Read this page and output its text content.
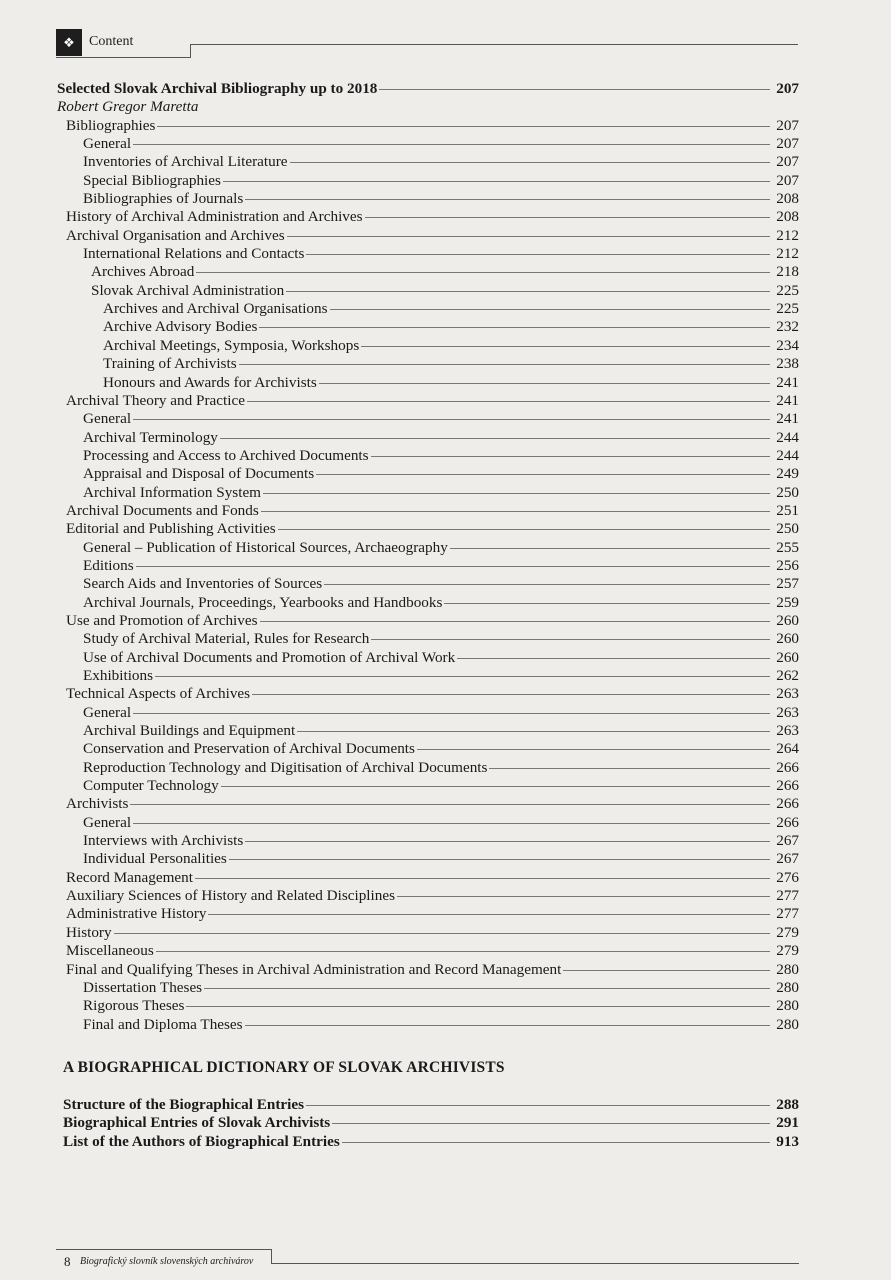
❖	Content
Selected Slovak Archival Bibliography up to 2018	207
Robert Gregor Maretta
Bibliographies	207
General	207
Inventories of Archival Literature	207
Special Bibliographies	207
Bibliographies of Journals	208
History of Archival Administration and Archives	208
Archival Organisation and Archives	212
International Relations and Contacts	212
Archives Abroad	218
Slovak Archival Administration	225
Archives and Archival Organisations	225
Archive Advisory Bodies	232
Archival Meetings, Symposia, Workshops	234
Training of Archivists	238
Honours and Awards for Archivists	241
Archival Theory and Practice	241
General	241
Archival Terminology	244
Processing and Access to Archived Documents	244
Appraisal and Disposal of Documents	249
Archival Information System	250
Archival Documents and Fonds	251
Editorial and Publishing Activities	250
General – Publication of Historical Sources, Archaeography	255
Editions	256
Search Aids and Inventories of Sources	257
Archival Journals, Proceedings, Yearbooks and Handbooks	259
Use and Promotion of Archives	260
Study of Archival Material, Rules for Research	260
Use of Archival Documents and Promotion of Archival Work	260
Exhibitions	262
Technical Aspects of Archives	263
General	263
Archival Buildings and Equipment	263
Conservation and Preservation of Archival Documents	264
Reproduction Technology and Digitisation of Archival Documents	266
Computer Technology	266
Archivists	266
General	266
Interviews with Archivists	267
Individual Personalities	267
Record Management	276
Auxiliary Sciences of History and Related Disciplines	277
Administrative History	277
History	279
Miscellaneous	279
Final and Qualifying Theses in Archival Administration and Record Management	280
Dissertation Theses	280
Rigorous Theses	280
Final and Diploma Theses	280
A BIOGRAPHICAL DICTIONARY OF SLOVAK ARCHIVISTS
Structure of the Biographical Entries	288
Biographical Entries of Slovak Archivists	291
List of the Authors of Biographical Entries	913
8 Biografický slovník slovenských archivárov
